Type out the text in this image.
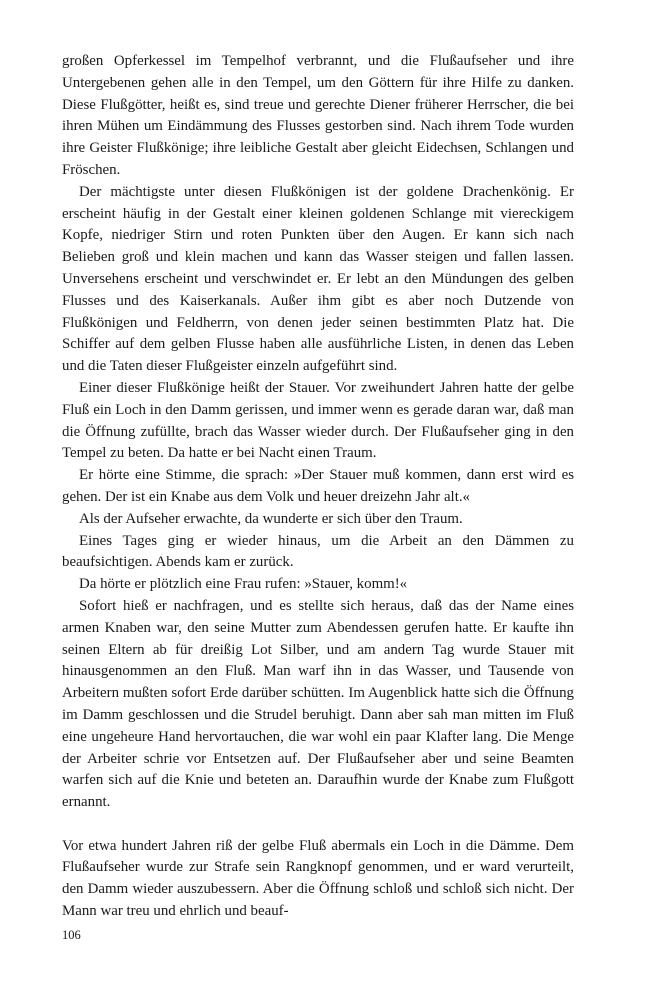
großen Opferkessel im Tempelhof verbrannt, und die Flußaufseher und ihre Untergebenen gehen alle in den Tempel, um den Göttern für ihre Hilfe zu danken. Diese Flußgötter, heißt es, sind treue und gerechte Diener früherer Herrscher, die bei ihren Mühen um Eindämmung des Flusses gestorben sind. Nach ihrem Tode wurden ihre Geister Flußkönige; ihre leibliche Gestalt aber gleicht Eidechsen, Schlangen und Fröschen.

Der mächtigste unter diesen Flußkönigen ist der goldene Drachenkönig. Er erscheint häufig in der Gestalt einer kleinen goldenen Schlange mit viereckigem Kopfe, niedriger Stirn und roten Punkten über den Augen. Er kann sich nach Belieben groß und klein machen und kann das Wasser steigen und fallen lassen. Unversehens erscheint und verschwindet er. Er lebt an den Mündungen des gelben Flusses und des Kaiserkanals. Außer ihm gibt es aber noch Dutzende von Flußkönigen und Feldherrn, von denen jeder seinen bestimmten Platz hat. Die Schiffer auf dem gelben Flusse haben alle ausführliche Listen, in denen das Leben und die Taten dieser Flußgeister einzeln aufgeführt sind.

Einer dieser Flußkönige heißt der Stauer. Vor zweihundert Jahren hatte der gelbe Fluß ein Loch in den Damm gerissen, und immer wenn es gerade daran war, daß man die Öffnung zufüllte, brach das Wasser wieder durch. Der Flußaufseher ging in den Tempel zu beten. Da hatte er bei Nacht einen Traum.

Er hörte eine Stimme, die sprach: »Der Stauer muß kommen, dann erst wird es gehen. Der ist ein Knabe aus dem Volk und heuer dreizehn Jahr alt.«

Als der Aufseher erwachte, da wunderte er sich über den Traum.

Eines Tages ging er wieder hinaus, um die Arbeit an den Dämmen zu beaufsichtigen. Abends kam er zurück.

Da hörte er plötzlich eine Frau rufen: »Stauer, komm!«

Sofort hieß er nachfragen, und es stellte sich heraus, daß das der Name eines armen Knaben war, den seine Mutter zum Abendessen gerufen hatte. Er kaufte ihn seinen Eltern ab für dreißig Lot Silber, und am andern Tag wurde Stauer mit hinausgenommen an den Fluß. Man warf ihn in das Wasser, und Tausende von Arbeitern mußten sofort Erde darüber schütten. Im Augenblick hatte sich die Öffnung im Damm geschlossen und die Strudel beruhigt. Dann aber sah man mitten im Fluß eine ungeheure Hand hervortauchen, die war wohl ein paar Klafter lang. Die Menge der Arbeiter schrie vor Entsetzen auf. Der Flußaufseher aber und seine Beamten warfen sich auf die Knie und beteten an. Daraufhin wurde der Knabe zum Flußgott ernannt.

Vor etwa hundert Jahren riß der gelbe Fluß abermals ein Loch in die Dämme. Dem Flußaufseher wurde zur Strafe sein Rangknopf genommen, und er ward verurteilt, den Damm wieder auszubessern. Aber die Öffnung schloß und schloß sich nicht. Der Mann war treu und ehrlich und beauf-

106
